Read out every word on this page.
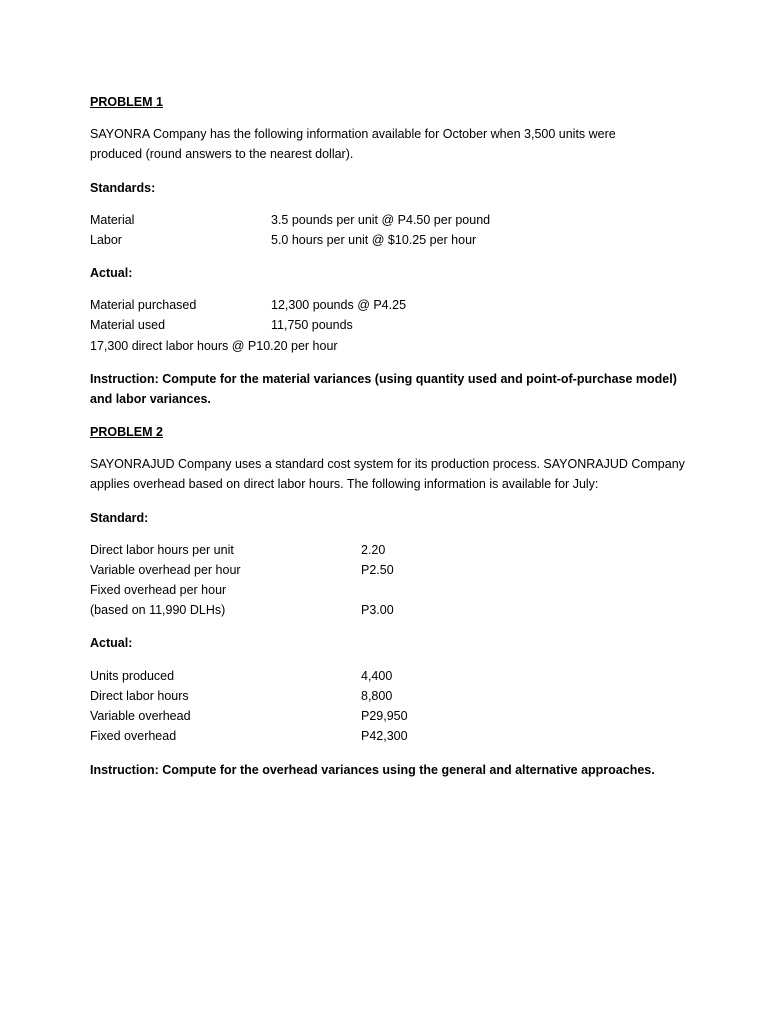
PROBLEM 1
SAYONRA Company has the following information available for October when 3,500 units were
produced (round answers to the nearest dollar).
Standards:
Material	3.5 pounds per unit @ P4.50 per pound
Labor	5.0 hours per unit @ $10.25 per hour
Actual:
Material purchased	12,300 pounds @ P4.25
Material used	11,750 pounds
17,300 direct labor hours @ P10.20 per hour
Instruction: Compute for the material variances (using quantity used and point-of-purchase model)
and labor variances.
PROBLEM 2
SAYONRAJUD Company uses a standard cost system for its production process. SAYONRAJUD Company
applies overhead based on direct labor hours. The following information is available for July:
Standard:
Direct labor hours per unit	2.20
Variable overhead per hour	P2.50
Fixed overhead per hour
(based on 11,990 DLHs)	P3.00
Actual:
Units produced	4,400
Direct labor hours	8,800
Variable overhead	P29,950
Fixed overhead	P42,300
Instruction: Compute for the overhead variances using the general and alternative approaches.
